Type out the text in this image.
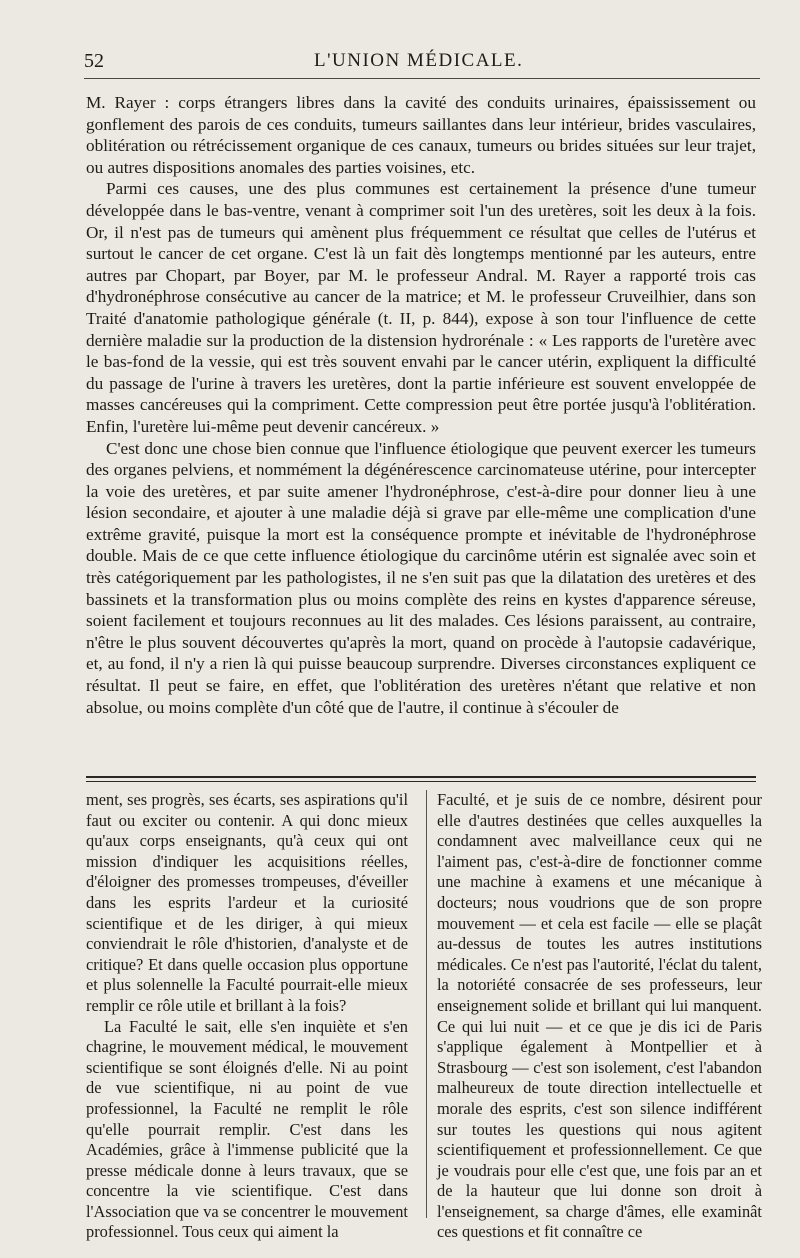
52	L'UNION MÉDICALE.

M. Rayer : corps étrangers libres dans la cavité des conduits urinaires, épaississement ou gonflement des parois de ces conduits, tumeurs saillantes dans leur intérieur, brides vasculaires, oblitération ou rétrécissement organique de ces canaux, tumeurs ou brides situées sur leur trajet, ou autres dispositions anomales des parties voisines, etc.

Parmi ces causes, une des plus communes est certainement la présence d'une tumeur développée dans le bas-ventre, venant à comprimer soit l'un des uretères, soit les deux à la fois. Or, il n'est pas de tumeurs qui amènent plus fréquemment ce résultat que celles de l'utérus et surtout le cancer de cet organe. C'est là un fait dès longtemps mentionné par les auteurs, entre autres par Chopart, par Boyer, par M. le professeur Andral. M. Rayer a rapporté trois cas d'hydronéphrose consécutive au cancer de la matrice; et M. le professeur Cruveilhier, dans son Traité d'anatomie pathologique générale (t. II, p. 844), expose à son tour l'influence de cette dernière maladie sur la production de la distension hydrorénale : « Les rapports de l'uretère avec le bas-fond de la vessie, qui est très souvent envahi par le cancer utérin, expliquent la difficulté du passage de l'urine à travers les uretères, dont la partie inférieure est souvent enveloppée de masses cancéreuses qui la compriment. Cette compression peut être portée jusqu'à l'oblitération. Enfin, l'uretère lui-même peut devenir cancéreux. »

C'est donc une chose bien connue que l'influence étiologique que peuvent exercer les tumeurs des organes pelviens, et nommément la dégénérescence carcinomateuse utérine, pour intercepter la voie des uretères, et par suite amener l'hydronéphrose, c'est-à-dire pour donner lieu à une lésion secondaire, et ajouter à une maladie déjà si grave par elle-même une complication d'une extrême gravité, puisque la mort est la conséquence prompte et inévitable de l'hydronéphrose double. Mais de ce que cette influence étiologique du carcinôme utérin est signalée avec soin et très catégoriquement par les pathologistes, il ne s'en suit pas que la dilatation des uretères et des bassinets et la transformation plus ou moins complète des reins en kystes d'apparence séreuse, soient facilement et toujours reconnues au lit des malades. Ces lésions paraissent, au contraire, n'être le plus souvent découvertes qu'après la mort, quand on procède à l'autopsie cadavérique, et, au fond, il n'y a rien là qui puisse beaucoup surprendre. Diverses circonstances expliquent ce résultat. Il peut se faire, en effet, que l'oblitération des uretères n'étant que relative et non absolue, ou moins complète d'un côté que de l'autre, il continue à s'écouler de

ment, ses progrès, ses écarts, ses aspirations qu'il faut ou exciter ou contenir. A qui donc mieux qu'aux corps enseignants, qu'à ceux qui ont mission d'indiquer les acquisitions réelles, d'éloigner des promesses trompeuses, d'éveiller dans les esprits l'ardeur et la curiosité scientifique et de les diriger, à qui mieux conviendrait le rôle d'historien, d'analyste et de critique? Et dans quelle occasion plus opportune et plus solennelle la Faculté pourrait-elle mieux remplir ce rôle utile et brillant à la fois?

La Faculté le sait, elle s'en inquiète et s'en chagrine, le mouvement médical, le mouvement scientifique se sont éloignés d'elle. Ni au point de vue scientifique, ni au point de vue professionnel, la Faculté ne remplit le rôle qu'elle pourrait remplir. C'est dans les Académies, grâce à l'immense publicité que la presse médicale donne à leurs travaux, que se concentre la vie scientifique. C'est dans l'Association que va se concentrer le mouvement professionnel. Tous ceux qui aiment la

Faculté, et je suis de ce nombre, désirent pour elle d'autres destinées que celles auxquelles la condamnent avec malveillance ceux qui ne l'aiment pas, c'est-à-dire de fonctionner comme une machine à examens et une mécanique à docteurs; nous voudrions que de son propre mouvement — et cela est facile — elle se plaçât au-dessus de toutes les autres institutions médicales. Ce n'est pas l'autorité, l'éclat du talent, la notoriété consacrée de ses professeurs, leur enseignement solide et brillant qui lui manquent. Ce qui lui nuit — et ce que je dis ici de Paris s'applique également à Montpellier et à Strasbourg — c'est son isolement, c'est l'abandon malheureux de toute direction intellectuelle et morale des esprits, c'est son silence indifférent sur toutes les questions qui nous agitent scientifiquement et professionnellement. Ce que je voudrais pour elle c'est que, une fois par an et de la hauteur que lui donne son droit à l'enseignement, sa charge d'âmes, elle examinât ces questions et fit connaître ce
